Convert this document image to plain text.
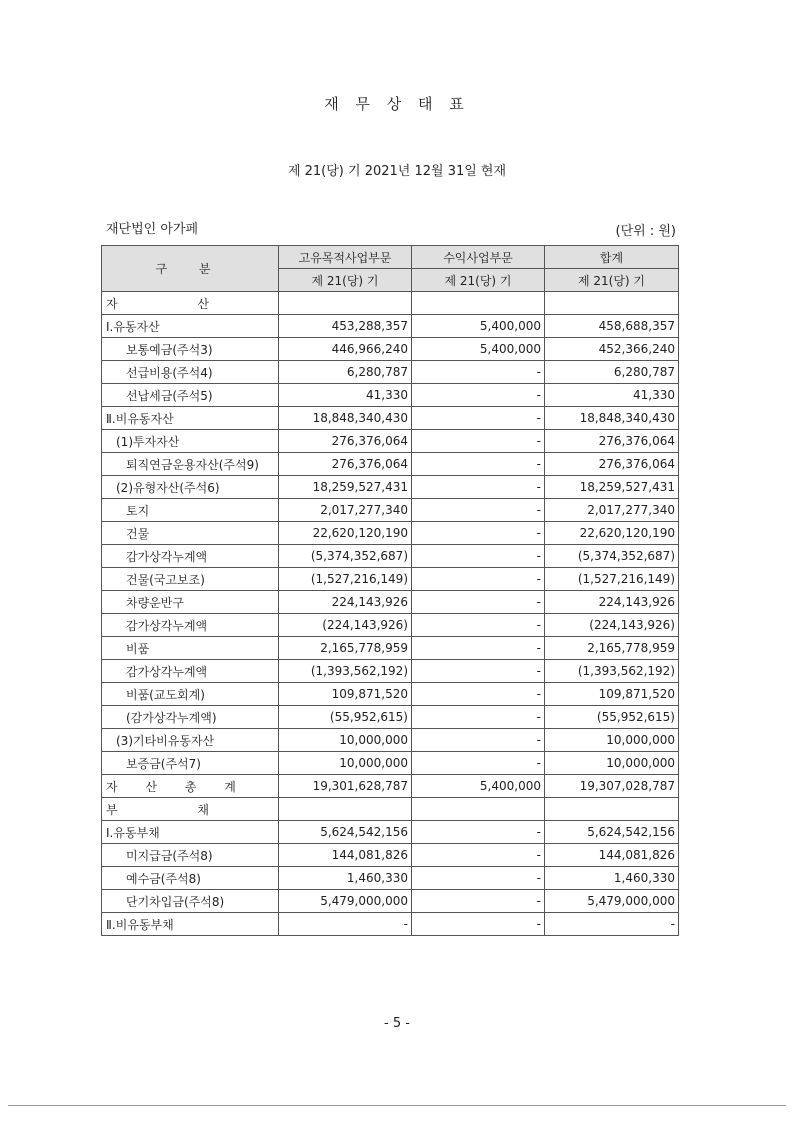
재 무 상 태 표
제 21(당) 기 2021년 12월 31일 현재
재단법인 아가페	(단위 : 원)
구 분	고유목적사업부문	수익사업부문	합계
	제 21(당) 기	제 21(당) 기	제 21(당) 기
자 산			
Ⅰ.유동자산	453,288,357	5,400,000	458,688,357
보통예금(주석3)	446,966,240	5,400,000	452,366,240
선급비용(주석4)	6,280,787	-	6,280,787
선납세금(주석5)	41,330	-	41,330
Ⅱ.비유동자산	18,848,340,430	-	18,848,340,430
(1)투자자산	276,376,064	-	276,376,064
퇴직연금운용자산(주석9)	276,376,064	-	276,376,064
(2)유형자산(주석6)	18,259,527,431	-	18,259,527,431
토지	2,017,277,340	-	2,017,277,340
건물	22,620,120,190	-	22,620,120,190
감가상각누계액	(5,374,352,687)	-	(5,374,352,687)
건물(국고보조)	(1,527,216,149)	-	(1,527,216,149)
차량운반구	224,143,926	-	224,143,926
감가상각누계액	(224,143,926)	-	(224,143,926)
비품	2,165,778,959	-	2,165,778,959
감가상각누계액	(1,393,562,192)	-	(1,393,562,192)
비품(교도회계)	109,871,520	-	109,871,520
(감가상각누계액)	(55,952,615)	-	(55,952,615)
(3)기타비유동자산	10,000,000	-	10,000,000
보증금(주석7)	10,000,000	-	10,000,000
자 산 총 계	19,301,628,787	5,400,000	19,307,028,787
부 채			
Ⅰ.유동부채	5,624,542,156	-	5,624,542,156
미지급금(주석8)	144,081,826	-	144,081,826
예수금(주석8)	1,460,330	-	1,460,330
단기차입금(주석8)	5,479,000,000	-	5,479,000,000
Ⅱ.비유동부채	-	-	-
- 5 -
